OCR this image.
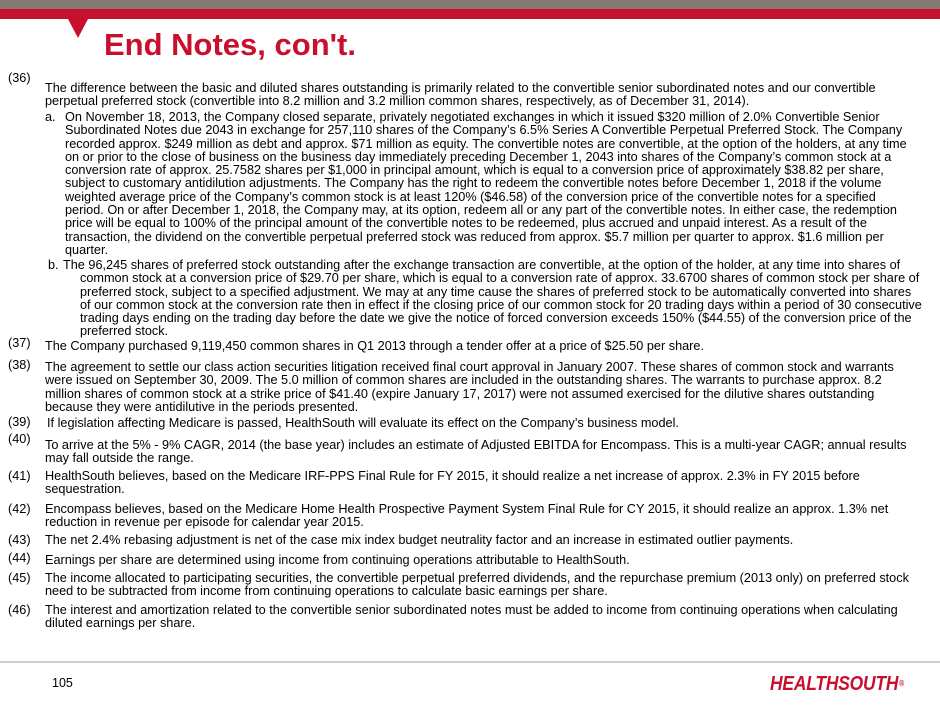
End Notes, con't.
(36)
The difference between the basic and diluted shares outstanding is primarily related to the convertible senior subordinated notes and our convertible
perpetual preferred stock (convertible into 8.2 million and 3.2 million common shares, respectively, as of December 31, 2014).
a. On November 18, 2013, the Company closed separate, privately negotiated exchanges in which it issued $320 million of 2.0% Convertible Senior
Subordinated Notes due 2043 in exchange for 257,110 shares of the Company’s 6.5% Series A Convertible Perpetual Preferred Stock. The Company
recorded approx. $249 million as debt and approx. $71 million as equity. The convertible notes are convertible, at the option of the holders, at any time
on or prior to the close of business on the business day immediately preceding December 1, 2043 into shares of the Company’s common stock at a
conversion rate of approx. 25.7582 shares per $1,000 in principal amount, which is equal to a conversion price of approximately $38.82 per share,
subject to customary antidilution adjustments. The Company has the right to redeem the convertible notes before December 1, 2018 if the volume
weighted average price of the Company’s common stock is at least 120% ($46.58) of the conversion price of the convertible notes for a specified
period. On or after December 1, 2018, the Company may, at its option, redeem all or any part of the convertible notes. In either case, the redemption
price will be equal to 100% of the principal amount of the convertible notes to be redeemed, plus accrued and unpaid interest. As a result of the
transaction, the dividend on the convertible perpetual preferred stock was reduced from approx. $5.7 million per quarter to approx. $1.6 million per
quarter.
b. The 96,245 shares of preferred stock outstanding after the exchange transaction are convertible, at the option of the holder, at any time into shares of
common stock at a conversion price of $29.70 per share, which is equal to a conversion rate of approx. 33.6700 shares of common stock per share of
preferred stock, subject to a specified adjustment. We may at any time cause the shares of preferred stock to be automatically converted into shares
of our common stock at the conversion rate then in effect if the closing price of our common stock for 20 trading days within a period of 30 consecutive
trading days ending on the trading day before the date we give the notice of forced conversion exceeds 150% ($44.55) of the conversion price of the
preferred stock.
(37) The Company purchased 9,119,450 common shares in Q1 2013 through a tender offer at a price of $25.50 per share.
(38) The agreement to settle our class action securities litigation received final court approval in January 2007. These shares of common stock and warrants
were issued on September 30, 2009. The 5.0 million of common shares are included in the outstanding shares. The warrants to purchase approx. 8.2
million shares of common stock at a strike price of $41.40 (expire January 17, 2017) were not assumed exercised for the dilutive shares outstanding
because they were antidilutive in the periods presented.
(39) If legislation affecting Medicare is passed, HealthSouth will evaluate its effect on the Company’s business model.
(40) To arrive at the 5% - 9% CAGR, 2014 (the base year) includes an estimate of Adjusted EBITDA for Encompass. This is a multi-year CAGR; annual results
may fall outside the range.
(41) HealthSouth believes, based on the Medicare IRF-PPS Final Rule for FY 2015, it should realize a net increase of approx. 2.3% in FY 2015 before
sequestration.
(42) Encompass believes, based on the Medicare Home Health Prospective Payment System Final Rule for CY 2015, it should realize an approx. 1.3% net
reduction in revenue per episode for calendar year 2015.
(43) The net 2.4% rebasing adjustment is net of the case mix index budget neutrality factor and an increase in estimated outlier payments.
(44) Earnings per share are determined using income from continuing operations attributable to HealthSouth.
(45) The income allocated to participating securities, the convertible perpetual preferred dividends, and the repurchase premium (2013 only) on preferred stock
need to be subtracted from income from continuing operations to calculate basic earnings per share.
(46) The interest and amortization related to the convertible senior subordinated notes must be added to income from continuing operations when calculating
diluted earnings per share.
105	HEALTHSOUTH®
